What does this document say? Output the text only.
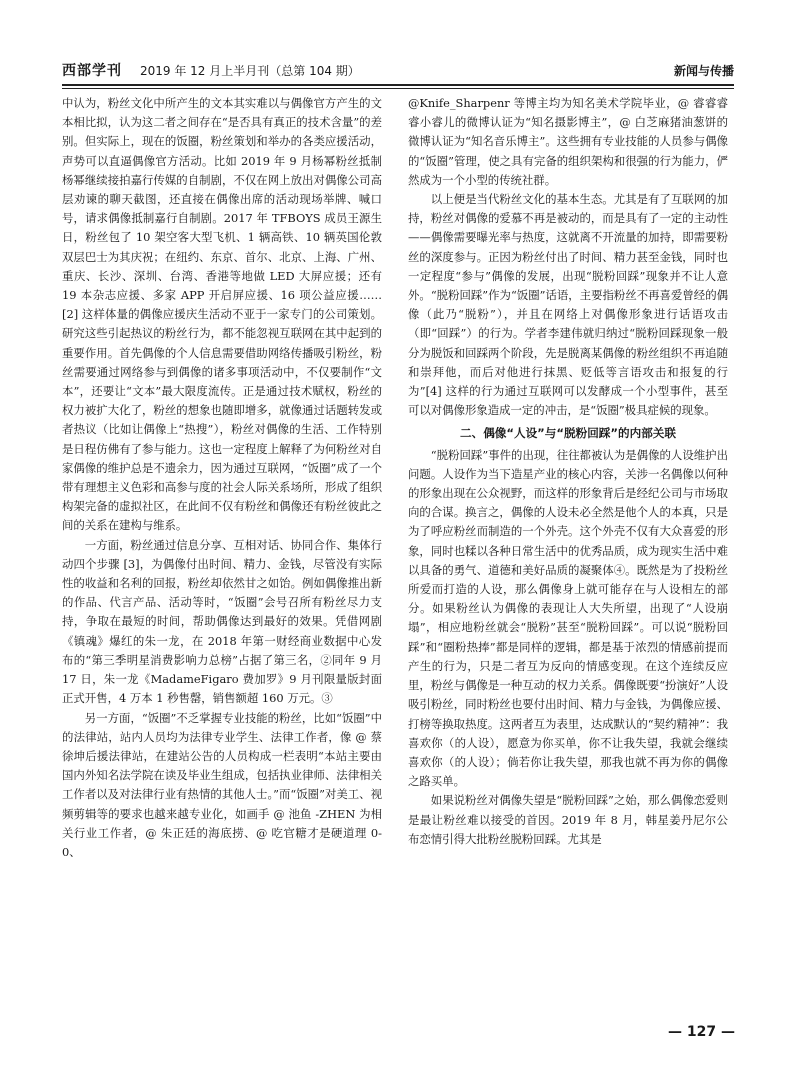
西部学刊 2019 年 12 月上半月刊（总第 104 期）	新闻与传播

中认为，粉丝文化中所产生的文本其实难以与偶像官方产生的文本相比拟，认为这二者之间存在“是否具有真正的技术含量”的差别。但实际上，现在的饭圈，粉丝策划和举办的各类应援活动，声势可以直逼偶像官方活动。比如 2019 年 9 月杨幂粉丝抵制杨幂继续接拍嘉行传媒的自制剧，不仅在网上放出对偶像公司高层劝谏的聊天截图，还直接在偶像出席的活动现场举牌、喊口号，请求偶像抵制嘉行自制剧。2017 年 TFBOYS 成员王源生日，粉丝包了 10 架空客大型飞机、1 辆高铁、10 辆英国伦敦双层巴士为其庆祝；在纽约、东京、首尔、北京、上海、广州、重庆、长沙、深圳、台湾、香港等地做 LED 大屏应援；还有 19 本杂志应援、多家 APP 开启屏应援、16 项公益应援……[2] 这样体量的偶像应援庆生活动不亚于一家专门的公司策划。研究这些引起热议的粉丝行为，都不能忽视互联网在其中起到的重要作用。首先偶像的个人信息需要借助网络传播吸引粉丝，粉丝需要通过网络参与到偶像的诸多事项活动中，不仅要制作“文本”，还要让“文本”最大限度流传。正是通过技术赋权，粉丝的权力被扩大化了，粉丝的想象也随即增多，就像通过话题转发或者热议（比如让偶像上“热搜”），粉丝对偶像的生活、工作特别是日程仿佛有了参与能力。这也一定程度上解释了为何粉丝对自家偶像的维护总是不遗余力，因为通过互联网，“饭圈”成了一个带有理想主义色彩和高参与度的社会人际关系场所，形成了组织构架完备的虚拟社区，在此间不仅有粉丝和偶像还有粉丝彼此之间的关系在建构与维系。

一方面，粉丝通过信息分享、互相对话、协同合作、集体行动四个步骤 [3]，为偶像付出时间、精力、金钱，尽管没有实际性的收益和名利的回报，粉丝却依然甘之如饴。例如偶像推出新的作品、代言产品、活动等时，“饭圈”会号召所有粉丝尽力支持，争取在最短的时间，帮助偶像达到最好的效果。凭借网剧《镇魂》爆红的朱一龙，在 2018 年第一财经商业数据中心发布的“第三季明星消费影响力总榜”占据了第三名，②同年 9 月 17 日，朱一龙《MadameFigaro 费加罗》9 月刊限量版封面正式开售，4 万本 1 秒售罄，销售额超 160 万元。③

另一方面，“饭圈”不乏掌握专业技能的粉丝，比如“饭圈”中的法律站，站内人员均为法律专业学生、法律工作者，像 @ 蔡徐坤后援法律站，在建站公告的人员构成一栏表明“本站主要由国内外知名法学院在读及毕业生组成，包括执业律师、法律相关工作者以及对法律行业有热情的其他人士。”而“饭圈”对美工、视频剪辑等的要求也越来越专业化，如画手 @ 池鱼 -ZHEN 为相关行业工作者，@ 朱正廷的海底捞、@ 吃官糖才是硬道理 0-0、

@Knife_Sharpenr 等博主均为知名美术学院毕业，@ 睿睿睿睿小睿儿的微博认证为“知名摄影博主”，@ 白芝麻猪油葱饼的微博认证为“知名音乐博主”。这些拥有专业技能的人员参与偶像的“饭圈”管理，使之具有完备的组织架构和很强的行为能力，俨然成为一个小型的传统社群。

以上便是当代粉丝文化的基本生态。尤其是有了互联网的加持，粉丝对偶像的爱慕不再是被动的，而是具有了一定的主动性——偶像需要曝光率与热度，这就离不开流量的加持，即需要粉丝的深度参与。正因为粉丝付出了时间、精力甚至金钱，同时也一定程度“参与”偶像的发展，出现“脱粉回踩”现象并不让人意外。“脱粉回踩”作为“饭圈”话语，主要指粉丝不再喜爱曾经的偶像（此乃“脱粉”），并且在网络上对偶像形象进行话语攻击（即“回踩”）的行为。学者李建伟就归纳过“脱粉回踩现象一般分为脱饭和回踩两个阶段，先是脱离某偶像的粉丝组织不再追随和崇拜他，而后对他进行抹黑、贬低等言语攻击和报复的行为”[4] 这样的行为通过互联网可以发酵成一个小型事件，甚至可以对偶像形象造成一定的冲击，是“饭圈”极具症候的现象。

二、偶像“人设”与“脱粉回踩”的内部关联

“脱粉回踩”事件的出现，往往都被认为是偶像的人设维护出问题。人设作为当下造星产业的核心内容，关涉一名偶像以何种的形象出现在公众视野，而这样的形象背后是经纪公司与市场取向的合谋。换言之，偶像的人设未必全然是他个人的本真，只是为了呼应粉丝而制造的一个外壳。这个外壳不仅有大众喜爱的形象，同时也糅以各种日常生活中的优秀品质，成为现实生活中难以具备的勇气、道德和美好品质的凝聚体④。既然是为了投粉丝所爱而打造的人设，那么偶像身上就可能存在与人设相左的部分。如果粉丝认为偶像的表现让人大失所望，出现了“人设崩塌”，相应地粉丝就会“脱粉”甚至“脱粉回踩”。可以说“脱粉回踩”和“圈粉热捧”都是同样的逻辑，都是基于浓烈的情感前提而产生的行为，只是二者互为反向的情感变现。在这个连续反应里，粉丝与偶像是一种互动的权力关系。偶像既要“扮演好”人设吸引粉丝，同时粉丝也要付出时间、精力与金钱，为偶像应援、打榜等换取热度。这两者互为表里，达成默认的“契约精神”：我喜欢你（的人设），愿意为你买单，你不让我失望，我就会继续喜欢你（的人设）；倘若你让我失望，那我也就不再为你的偶像之路买单。

如果说粉丝对偶像失望是“脱粉回踩”之始，那么偶像恋爱则是最让粉丝难以接受的首因。2019 年 8 月，韩星姜丹尼尔公布恋情引得大批粉丝脱粉回踩。尤其是

— 127 —
